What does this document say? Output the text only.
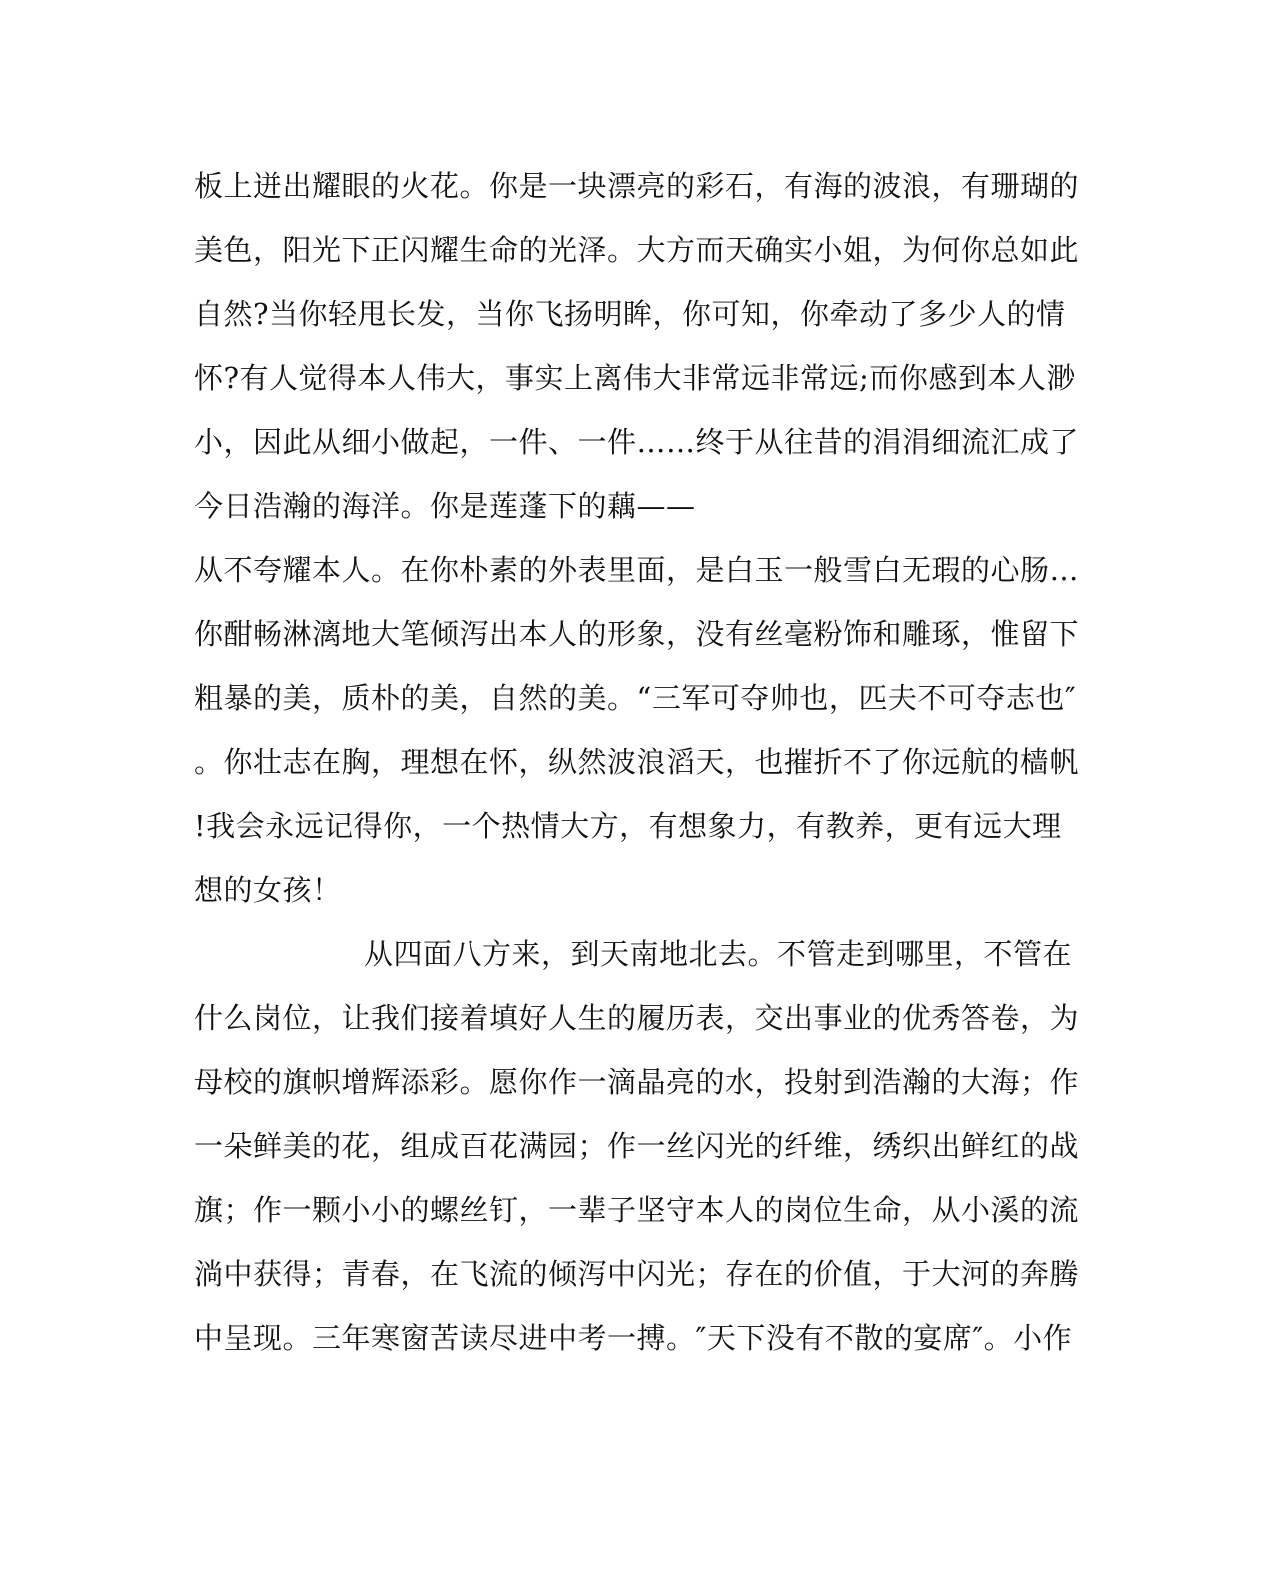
板上迸出耀眼的火花。你是一块漂亮的彩石，有海的波浪，有珊瑚的
美色，阳光下正闪耀生命的光泽。大方而天确实小姐，为何你总如此
自然?当你轻甩长发，当你飞扬明眸，你可知，你牵动了多少人的情
怀?有人觉得本人伟大，事实上离伟大非常远非常远;而你感到本人渺
小，因此从细小做起，一件、一件……终于从往昔的涓涓细流汇成了
今日浩瀚的海洋。你是莲蓬下的藕——
从不夸耀本人。在你朴素的外表里面，是白玉一般雪白无瑕的心肠…
你酣畅淋漓地大笔倾泻出本人的形象，没有丝毫粉饰和雕琢，惟留下
粗暴的美，质朴的美，自然的美。“三军可夺帅也，匹夫不可夺志也″
。你壮志在胸，理想在怀，纵然波浪滔天，也摧折不了你远航的樯帆
!我会永远记得你，一个热情大方，有想象力，有教养，更有远大理
想的女孩！
从四面八方来，到天南地北去。不管走到哪里，不管在
什么岗位，让我们接着填好人生的履历表，交出事业的优秀答卷，为
母校的旗帜增辉添彩。愿你作一滴晶亮的水，投射到浩瀚的大海；作
一朵鲜美的花，组成百花满园；作一丝闪光的纤维，绣织出鲜红的战
旗；作一颗小小的螺丝钉，一辈子坚守本人的岗位生命，从小溪的流
淌中获得；青春，在飞流的倾泻中闪光；存在的价值，于大河的奔腾
中呈现。三年寒窗苦读尽进中考一搏。″天下没有不散的宴席″。小作
